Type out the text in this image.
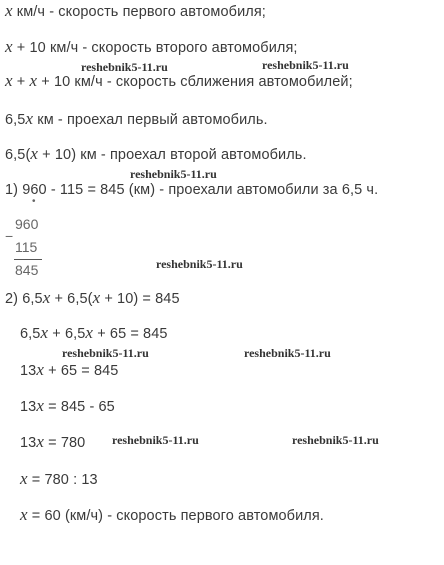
x км/ч - скорость первого автомобиля;
x + 10 км/ч - скорость второго автомобиля;
reshebnik5-11.ru	reshebnik5-11.ru
x + x + 10 км/ч - скорость сближения автомобилей;
6,5x км - проехал первый автомобиль.
6,5(x + 10) км - проехал второй автомобиль.
reshebnik5-11.ru
1) 960 - 115 = 845 (км) - проехали автомобили за 6,5 ч.
•
960
−
115
845	reshebnik5-11.ru
2) 6,5x + 6,5(x + 10) = 845
6,5x + 6,5x + 65 = 845
reshebnik5-11.ru	reshebnik5-11.ru
13x + 65 = 845
13x = 845 - 65
13x = 780 reshebnik5-11.ru	reshebnik5-11.ru
x = 780 : 13
x = 60 (км/ч) - скорость первого автомобиля.
